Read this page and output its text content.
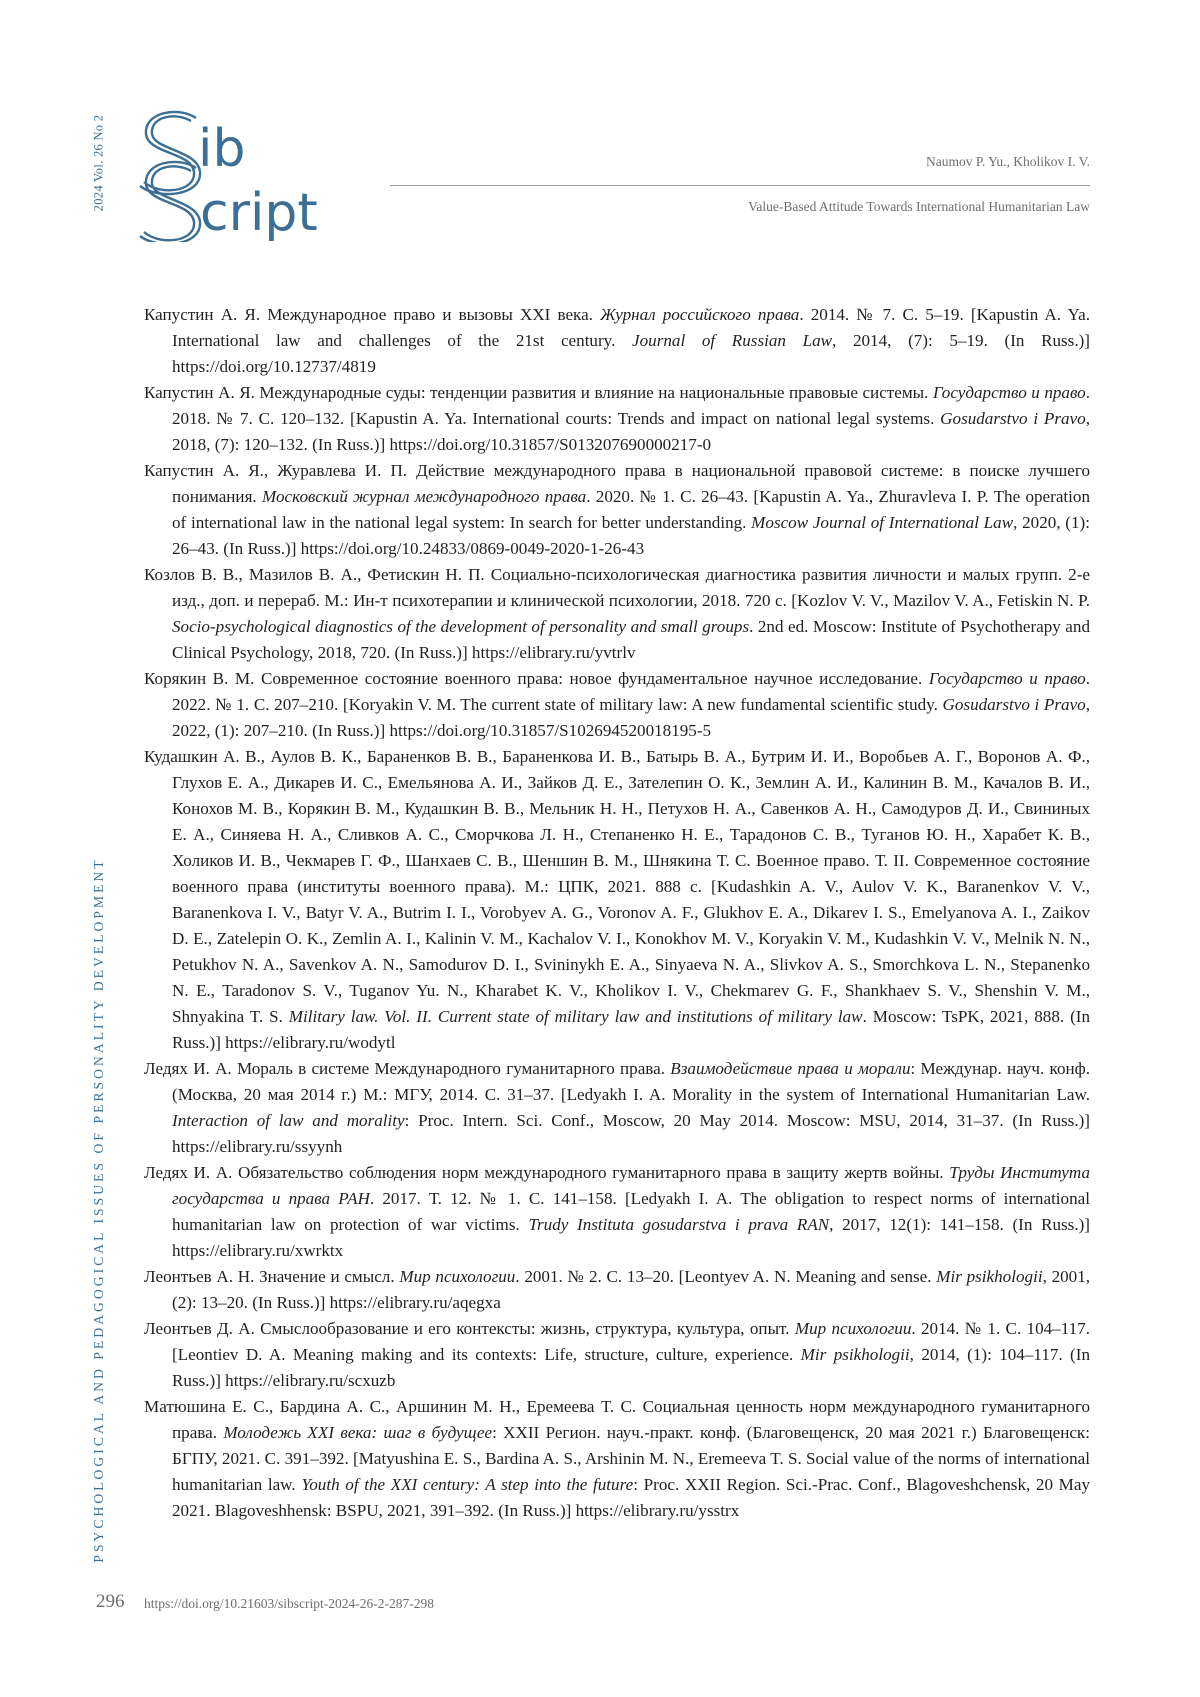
2024 Vol. 26 No 2
PSYCHOLOGICAL AND PEDAGOGICAL ISSUES OF PERSONALITY DEVELOPMENT
ib
cript
Naumov P. Yu., Kholikov I. V.
Value-Based Attitude Towards International Humanitarian Law

Капустин А. Я. Международное право и вызовы XXI века. Журнал российского права. 2014. № 7. С. 5–19. [Kapustin A. Ya. International law and challenges of the 21st century. Journal of Russian Law, 2014, (7): 5–19. (In Russ.)] https://doi.org/10.12737/4819

Капустин А. Я. Международные суды: тенденции развития и влияние на национальные правовые системы. Государство и право. 2018. № 7. С. 120–132. [Kapustin A. Ya. International courts: Trends and impact on national legal systems. Gosudarstvo i Pravo, 2018, (7): 120–132. (In Russ.)] https://doi.org/10.31857/S013207690000217-0

Капустин А. Я., Журавлева И. П. Действие международного права в национальной правовой системе: в поиске лучшего понимания. Московский журнал международного права. 2020. № 1. С. 26–43. [Kapustin A. Ya., Zhuravleva I. P. The operation of international law in the national legal system: In search for better understanding. Moscow Journal of International Law, 2020, (1): 26–43. (In Russ.)] https://doi.org/10.24833/0869-0049-2020-1-26-43

Козлов В. В., Мазилов В. А., Фетискин Н. П. Социально-психологическая диагностика развития личности и малых групп. 2-е изд., доп. и перераб. М.: Ин-т психотерапии и клинической психологии, 2018. 720 с. [Kozlov V. V., Mazilov V. A., Fetiskin N. P. Socio-psychological diagnostics of the development of personality and small groups. 2nd ed. Moscow: Institute of Psychotherapy and Clinical Psychology, 2018, 720. (In Russ.)] https://elibrary.ru/yvtrlv

Корякин В. М. Современное состояние военного права: новое фундаментальное научное исследование. Государство и право. 2022. № 1. С. 207–210. [Koryakin V. M. The current state of military law: A new fundamental scientific study. Gosudarstvo i Pravo, 2022, (1): 207–210. (In Russ.)] https://doi.org/10.31857/S102694520018195-5

Кудашкин А. В., Аулов В. К., Бараненков В. В., Бараненкова И. В., Батырь В. А., Бутрим И. И., Воробьев А. Г., Воронов А. Ф., Глухов Е. А., Дикарев И. С., Емельянова А. И., Зайков Д. Е., Зателепин О. К., Землин А. И., Калинин В. М., Качалов В. И., Конохов М. В., Корякин В. М., Кудашкин В. В., Мельник Н. Н., Петухов Н. А., Савенков А. Н., Самодуров Д. И., Свининых Е. А., Синяева Н. А., Сливков А. С., Сморчкова Л. Н., Степаненко Н. Е., Тарадонов С. В., Туганов Ю. Н., Харабет К. В., Холиков И. В., Чекмарев Г. Ф., Шанхаев С. В., Шеншин В. М., Шнякина Т. С. Военное право. Т. II. Современное состояние военного права (институты военного права). М.: ЦПК, 2021. 888 с. [Kudashkin A. V., Aulov V. K., Baranenkov V. V., Baranenkova I. V., Batyr V. A., Butrim I. I., Vorobyev A. G., Voronov A. F., Glukhov E. A., Dikarev I. S., Emelyanova A. I., Zaikov D. E., Zatelepin O. K., Zemlin A. I., Kalinin V. M., Kachalov V. I., Konokhov M. V., Koryakin V. M., Kudashkin V. V., Melnik N. N., Petukhov N. A., Savenkov A. N., Samodurov D. I., Svininykh E. A., Sinyaeva N. A., Slivkov A. S., Smorchkova L. N., Stepanenko N. E., Taradonov S. V., Tuganov Yu. N., Kharabet K. V., Kholikov I. V., Chekmarev G. F., Shankhaev S. V., Shenshin V. M., Shnyakina T. S. Military law. Vol. II. Current state of military law and institutions of military law. Moscow: TsPK, 2021, 888. (In Russ.)] https://elibrary.ru/wodytl

Ледях И. А. Мораль в системе Международного гуманитарного права. Взаимодействие права и морали: Междунар. науч. конф. (Москва, 20 мая 2014 г.) М.: МГУ, 2014. С. 31–37. [Ledyakh I. A. Morality in the system of International Humanitarian Law. Interaction of law and morality: Proc. Intern. Sci. Conf., Moscow, 20 May 2014. Moscow: MSU, 2014, 31–37. (In Russ.)] https://elibrary.ru/ssyynh

Ледях И. А. Обязательство соблюдения норм международного гуманитарного права в защиту жертв войны. Труды Института государства и права РАН. 2017. Т. 12. № 1. С. 141–158. [Ledyakh I. A. The obligation to respect norms of international humanitarian law on protection of war victims. Trudy Instituta gosudarstva i prava RAN, 2017, 12(1): 141–158. (In Russ.)] https://elibrary.ru/xwrktx

Леонтьев А. Н. Значение и смысл. Мир психологии. 2001. № 2. С. 13–20. [Leontyev A. N. Meaning and sense. Mir psikhologii, 2001, (2): 13–20. (In Russ.)] https://elibrary.ru/aqegxa

Леонтьев Д. А. Смыслообразование и его контексты: жизнь, структура, культура, опыт. Мир психологии. 2014. № 1. С. 104–117. [Leontiev D. A. Meaning making and its contexts: Life, structure, culture, experience. Mir psikhologii, 2014, (1): 104–117. (In Russ.)] https://elibrary.ru/scxuzb

Матюшина Е. С., Бардина А. С., Аршинин М. Н., Еремеева Т. С. Социальная ценность норм международного гуманитарного права. Молодежь XXI века: шаг в будущее: XXII Регион. науч.-практ. конф. (Благовещенск, 20 мая 2021 г.) Благовещенск: БГПУ, 2021. С. 391–392. [Matyushina E. S., Bardina A. S., Arshinin M. N., Eremeeva T. S. Social value of the norms of international humanitarian law. Youth of the XXI century: A step into the future: Proc. XXII Region. Sci.-Prac. Conf., Blagoveshchensk, 20 May 2021. Blagoveshhensk: BSPU, 2021, 391–392. (In Russ.)] https://elibrary.ru/ysstrx

296 https://doi.org/10.21603/sibscript-2024-26-2-287-298
